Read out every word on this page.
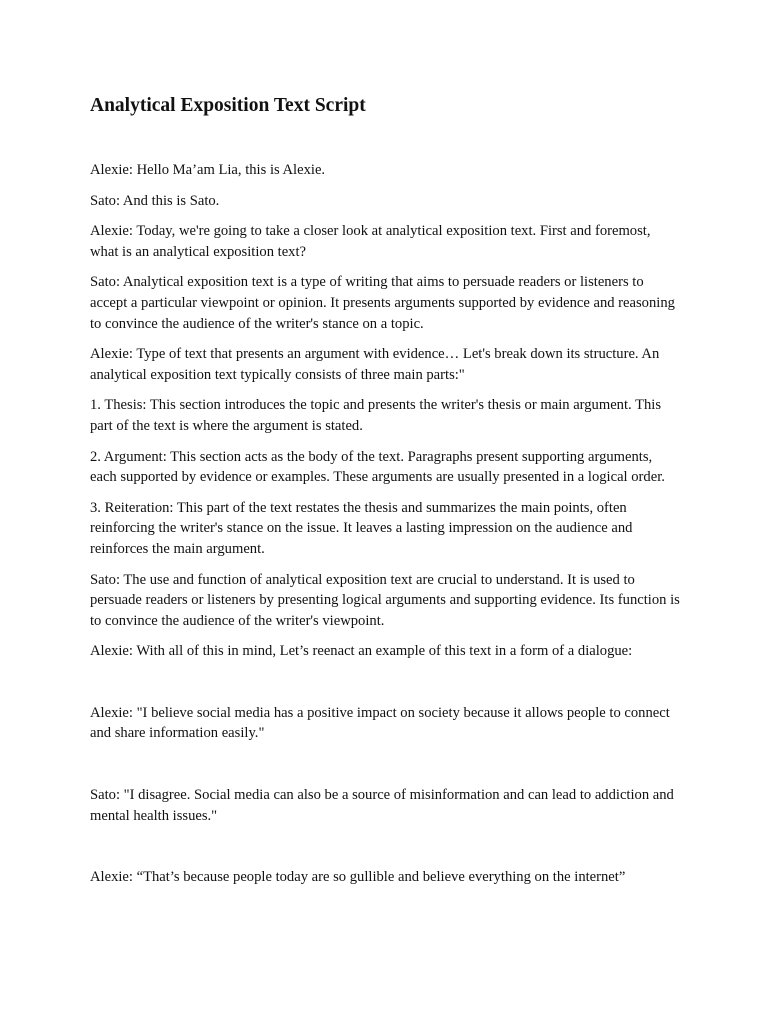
Analytical Exposition Text Script

Alexie: Hello Ma’am Lia, this is Alexie.

Sato: And this is Sato.

Alexie: Today, we're going to take a closer look at analytical exposition text. First and foremost, what is an analytical exposition text?

Sato: Analytical exposition text is a type of writing that aims to persuade readers or listeners to accept a particular viewpoint or opinion. It presents arguments supported by evidence and reasoning to convince the audience of the writer's stance on a topic.

Alexie: Type of text that presents an argument with evidence… Let's break down its structure. An analytical exposition text typically consists of three main parts:"

1. Thesis: This section introduces the topic and presents the writer's thesis or main argument. This part of the text is where the argument is stated.

2. Argument: This section acts as the body of the text. Paragraphs present supporting arguments, each supported by evidence or examples. These arguments are usually presented in a logical order.

3. Reiteration: This part of the text restates the thesis and summarizes the main points, often reinforcing the writer's stance on the issue. It leaves a lasting impression on the audience and reinforces the main argument.

Sato: The use and function of analytical exposition text are crucial to understand. It is used to persuade readers or listeners by presenting logical arguments and supporting evidence. Its function is to convince the audience of the writer's viewpoint.

Alexie: With all of this in mind, Let’s reenact an example of this text in a form of a dialogue:

Alexie: "I believe social media has a positive impact on society because it allows people to connect and share information easily."

Sato: "I disagree. Social media can also be a source of misinformation and can lead to addiction and mental health issues."

Alexie: “That’s because people today are so gullible and believe everything on the internet”
